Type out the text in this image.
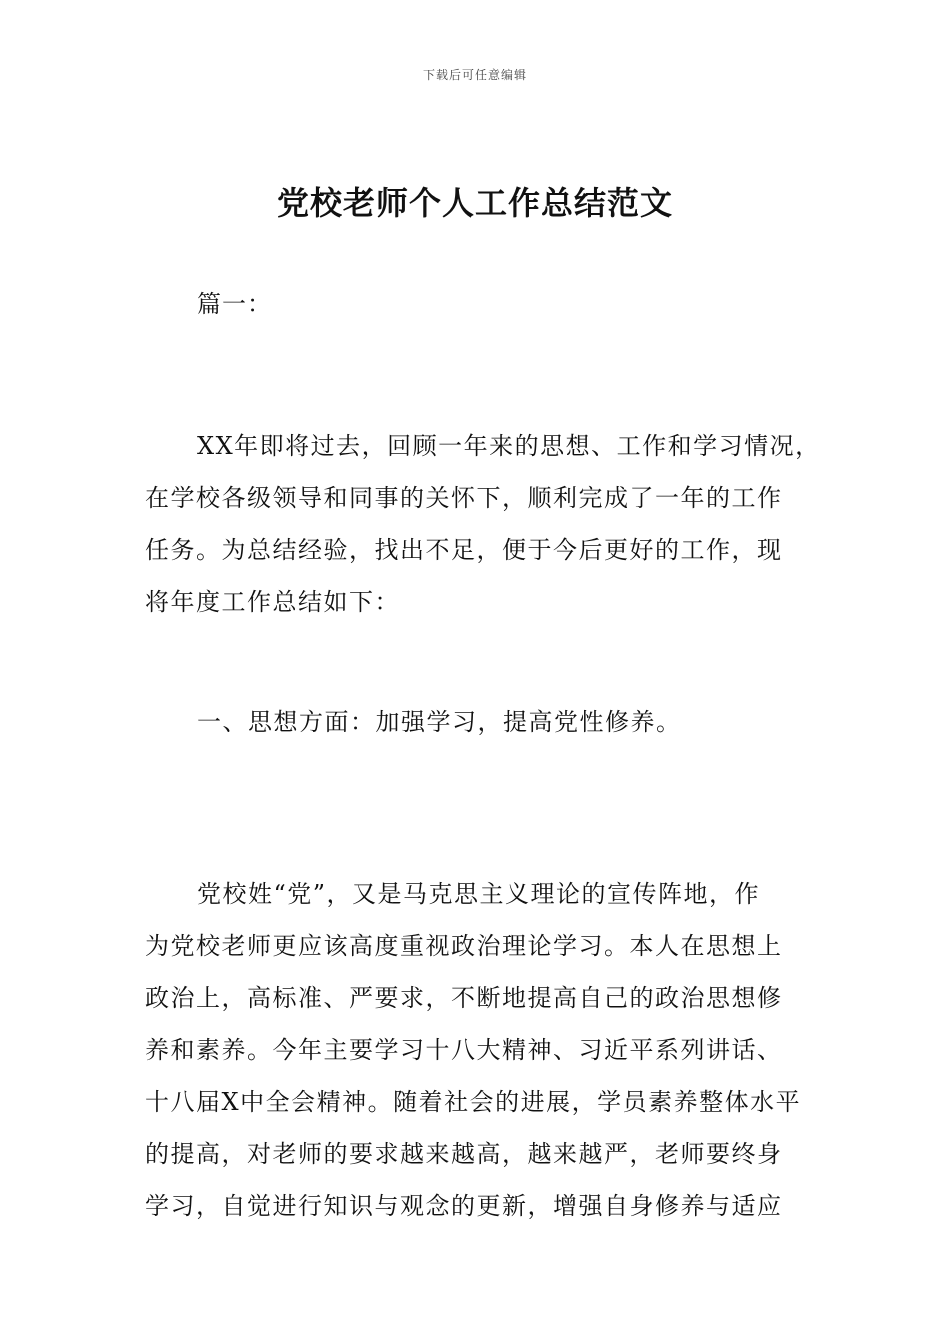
下载后可任意编辑
党校老师个人工作总结范文
篇一：

XX年即将过去，回顾一年来的思想、工作和学习情况，
在学校各级领导和同事的关怀下，顺利完成了一年的工作
任务。为总结经验，找出不足，便于今后更好的工作，现
将年度工作总结如下：

一、思想方面：加强学习，提高党性修养。

党校姓“党”，又是马克思主义理论的宣传阵地，作
为党校老师更应该高度重视政治理论学习。本人在思想上
政治上，高标准、严要求，不断地提高自己的政治思想修
养和素养。今年主要学习十八大精神、习近平系列讲话、
十八届X中全会精神。随着社会的进展，学员素养整体水平
的提高，对老师的要求越来越高，越来越严，老师要终身
学习，自觉进行知识与观念的更新，增强自身修养与适应
